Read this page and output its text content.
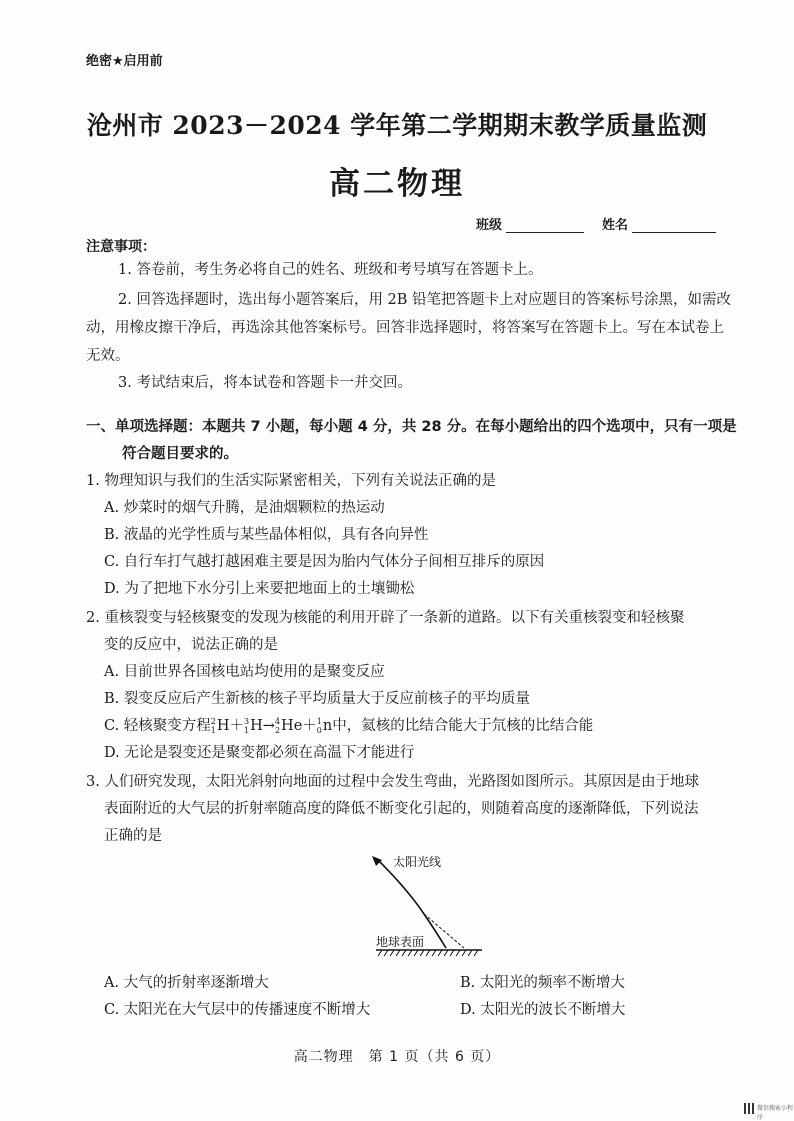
绝密★启用前
沧州市 2023－2024 学年第二学期期末教学质量监测
高二物理
班级	姓名
注意事项：
1. 答卷前，考生务必将自己的姓名、班级和考号填写在答题卡上。
2. 回答选择题时，选出每小题答案后，用 2B 铅笔把答题卡上对应题目的答案标号涂黑，如需改动，用橡皮擦干净后，再选涂其他答案标号。回答非选择题时，将答案写在答题卡上。写在本试卷上无效。
3. 考试结束后，将本试卷和答题卡一并交回。
一、单项选择题：本题共 7 小题，每小题 4 分，共 28 分。在每小题给出的四个选项中，只有一项是
符合题目要求的。
1. 物理知识与我们的生活实际紧密相关，下列有关说法正确的是
A. 炒菜时的烟气升腾，是油烟颗粒的热运动
B. 液晶的光学性质与某些晶体相似，具有各向异性
C. 自行车打气越打越困难主要是因为胎内气体分子间相互排斥的原因
D. 为了把地下水分引上来要把地面上的土壤锄松
2. 重核裂变与轻核聚变的发现为核能的利用开辟了一条新的道路。以下有关重核裂变和轻核聚
变的反应中，说法正确的是
A. 目前世界各国核电站均使用的是聚变反应
B. 裂变反应后产生新核的核子平均质量大于反应前核子的平均质量
C. 轻核聚变方程 2
1 H＋ 3
1 H→ 4
2 He＋ 1
0 n中，氦核的比结合能大于氘核的比结合能
D. 无论是裂变还是聚变都必须在高温下才能进行
3. 人们研究发现，太阳光斜射向地面的过程中会发生弯曲，光路图如图所示。其原因是由于地球
表面附近的大气层的折射率随高度的降低不断变化引起的，则随着高度的逐渐降低，下列说法
正确的是
太阳光线
地球表面
A. 大气的折射率逐渐增大	B. 太阳光的频率不断增大
C. 太阳光在大气层中的传播速度不断增大	D. 太阳光的波长不断增大
高二物理　第 1 页（共 6 页）
微信搜索小程序
